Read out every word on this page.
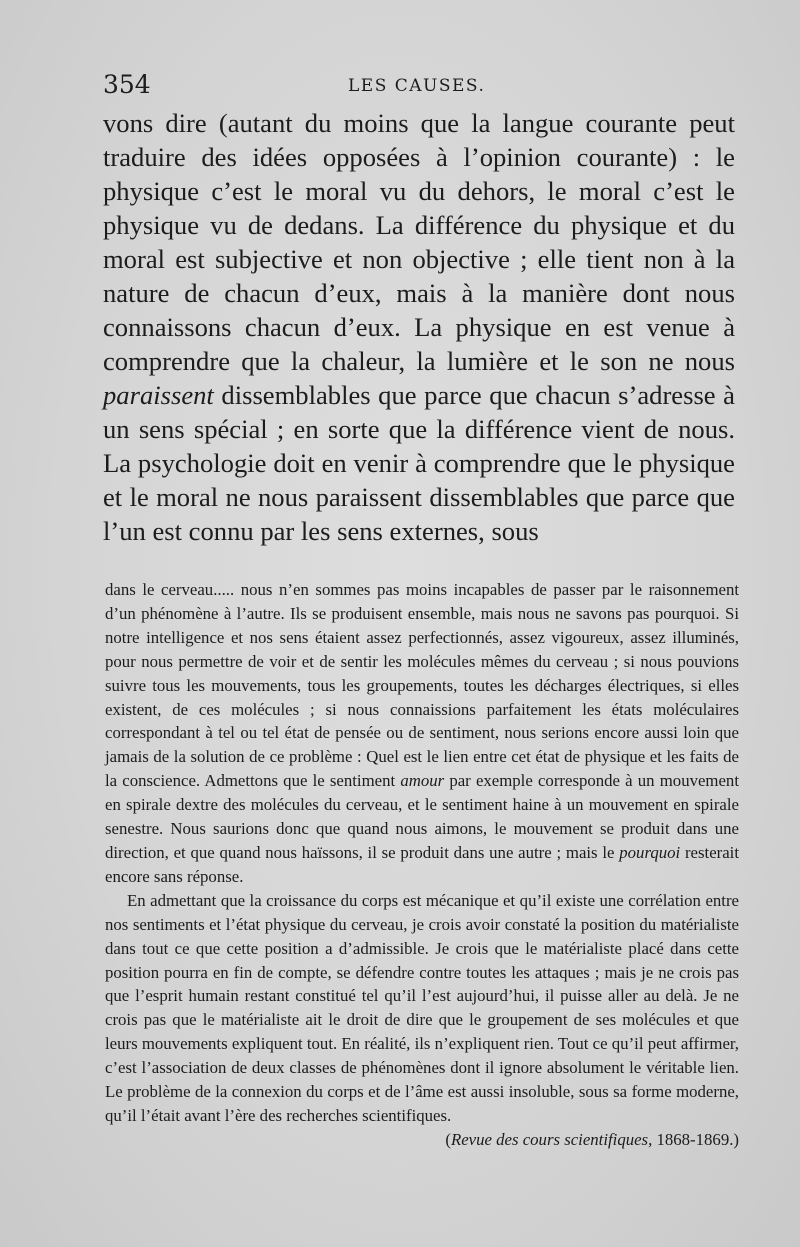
354	LES CAUSES.

vons dire (autant du moins que la langue courante peut traduire des idées opposées à l’opinion courante) : le physique c’est le moral vu du dehors, le moral c’est le physique vu de dedans. La différence du physique et du moral est subjective et non objective ; elle tient non à la nature de chacun d’eux, mais à la manière dont nous connaissons chacun d’eux. La physique en est venue à comprendre que la chaleur, la lumière et le son ne nous paraissent dissemblables que parce que chacun s’adresse à un sens spécial ; en sorte que la différence vient de nous. La psychologie doit en venir à comprendre que le physique et le moral ne nous paraissent dissemblables que parce que l’un est connu par les sens externes, sous

dans le cerveau..... nous n’en sommes pas moins incapables de passer par le raisonnement d’un phénomène à l’autre. Ils se produisent ensemble, mais nous ne savons pas pourquoi. Si notre intelligence et nos sens étaient assez perfectionnés, assez vigoureux, assez illuminés, pour nous permettre de voir et de sentir les molécules mêmes du cerveau ; si nous pouvions suivre tous les mouvements, tous les groupements, toutes les décharges électriques, si elles existent, de ces molécules ; si nous connaissions parfaitement les états moléculaires correspondant à tel ou tel état de pensée ou de sentiment, nous serions encore aussi loin que jamais de la solution de ce problème : Quel est le lien entre cet état de physique et les faits de la conscience. Admettons que le sentiment amour par exemple corresponde à un mouvement en spirale dextre des molécules du cerveau, et le sentiment haine à un mouvement en spirale senestre. Nous saurions donc que quand nous aimons, le mouvement se produit dans une direction, et que quand nous haïssons, il se produit dans une autre ; mais le pourquoi resterait encore sans réponse.

En admettant que la croissance du corps est mécanique et qu’il existe une corrélation entre nos sentiments et l’état physique du cerveau, je crois avoir constaté la position du matérialiste dans tout ce que cette position a d’admissible. Je crois que le matérialiste placé dans cette position pourra en fin de compte, se défendre contre toutes les attaques ; mais je ne crois pas que l’esprit humain restant constitué tel qu’il l’est aujourd’hui, il puisse aller au delà. Je ne crois pas que le matérialiste ait le droit de dire que le groupement de ses molécules et que leurs mouvements expliquent tout. En réalité, ils n’expliquent rien. Tout ce qu’il peut affirmer, c’est l’association de deux classes de phénomènes dont il ignore absolument le véritable lien. Le problème de la connexion du corps et de l’âme est aussi insoluble, sous sa forme moderne, qu’il l’était avant l’ère des recherches scientifiques.
(Revue des cours scientifiques, 1868-1869.)
